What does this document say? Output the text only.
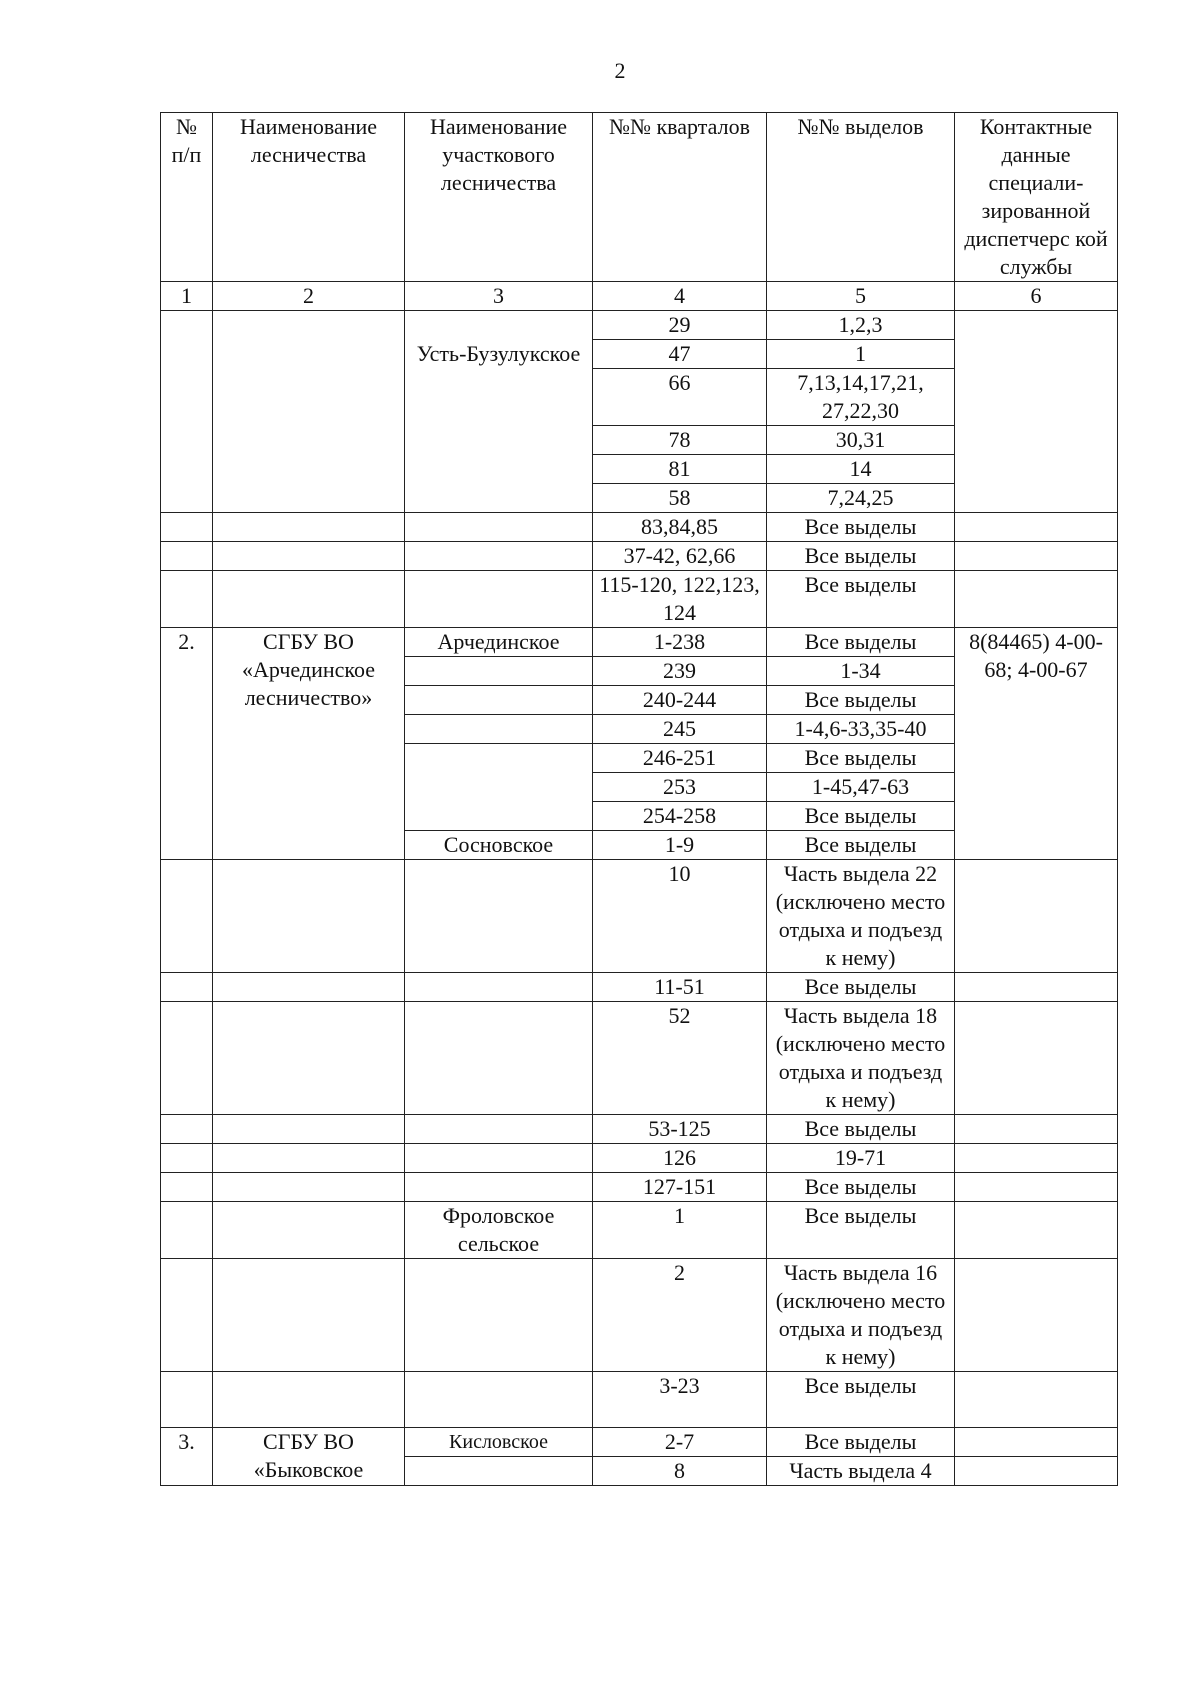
2
№ п/п	Наименование лесничества	Наименование участкового лесничества	№№ кварталов	№№ выделов	Контактные данные специали-зированной диспетчерс кой службы
1	2	3	4	5	6
			29	1,2,3	
		Усть-Бузулукское	47	1	
			66	7,13,14,17,21, 27,22,30	
			78	30,31	
			81	14	
			58	7,24,25	
			83,84,85	Все выделы	
			37-42, 62,66	Все выделы	
			115-120, 122,123, 124	Все выделы	
2.	СГБУ ВО «Арчединское лесничество»	Арчединское	1-238	Все выделы	8(84465) 4-00-68; 4-00-67
			239	1-34	
			240-244	Все выделы	
			245	1-4,6-33,35-40	
			246-251	Все выделы	
			253	1-45,47-63	
			254-258	Все выделы	
		Сосновское	1-9	Все выделы	
			10	Часть выдела 22 (исключено место отдыха и подъезд к нему)	
			11-51	Все выделы	
			52	Часть выдела 18 (исключено место отдыха и подъезд к нему)	
			53-125	Все выделы	
			126	19-71	
			127-151	Все выделы	
		Фроловское сельское	1	Все выделы	
			2	Часть выдела 16 (исключено место отдыха и подъезд к нему)	
			3-23	Все выделы	
3.	СГБУ ВО «Быковское	Кисловское	2-7	Все выделы	
			8	Часть выдела 4	
